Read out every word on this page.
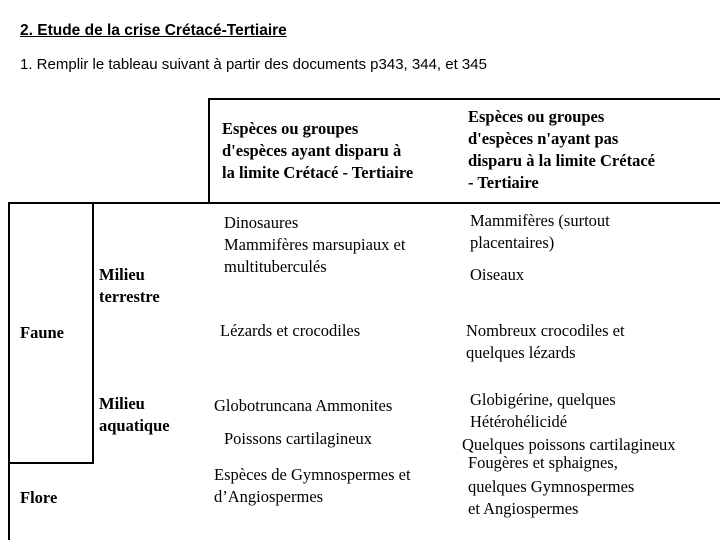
2. Etude de la crise Crétacé-Tertiaire
1. Remplir le tableau suivant à partir des documents p343, 344, et 345
Espèces ou groupes
d'espèces ayant disparu à
la limite Crétacé - Tertiaire
Espèces ou groupes
d'espèces n'ayant pas
disparu à la limite Crétacé
- Tertiaire
Faune
Flore
Milieu
terrestre
Milieu
aquatique
Dinosaures
Mammifères marsupiaux et
multituberculés
Mammifères (surtout
placentaires)
Oiseaux
Lézards et crocodiles	Nombreux crocodiles et
quelques lézards
Globotruncana Ammonites
Poissons cartilagineux
Globigérine, quelques
Hétérohélicidé
Quelques poissons cartilagineux
Espèces de Gymnospermes et
d’Angiospermes
Fougères et sphaignes,
quelques Gymnospermes
et Angiospermes
